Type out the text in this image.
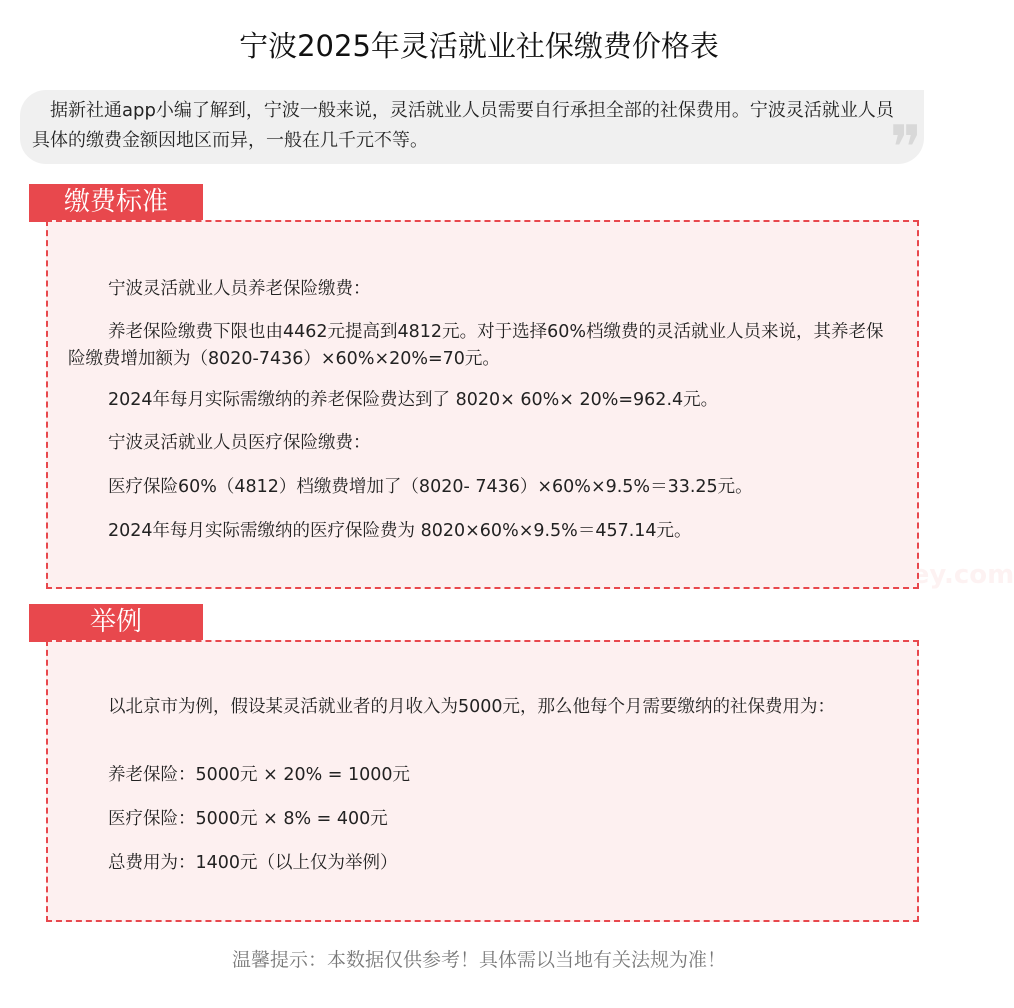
宁波2025年灵活就业社保缴费价格表
据新社通app小编了解到，宁波一般来说，灵活就业人员需要自行承担全部的社保费用。宁波灵活就业人员具体的缴费金额因地区而异，一般在几千元不等。	❞
缴费标准

宁波灵活就业人员养老保险缴费：

养老保险缴费下限也由4462元提高到4812元。对于选择60%档缴费的灵活就业人员来说，其养老保险缴费增加额为（8020-7436）×60%×20%=70元。

2024年每月实际需缴纳的养老保险费达到了 8020× 60%× 20%=962.4元。

宁波灵活就业人员医疗保险缴费：

医疗保险60%（4812）档缴费增加了（8020- 7436）×60%×9.5%＝33.25元。

2024年每月实际需缴纳的医疗保险费为 8020×60%×9.5%＝457.14元。

举例

以北京市为例，假设某灵活就业者的月收入为5000元，那么他每个月需要缴纳的社保费用为：

养老保险：5000元 × 20% = 1000元

医疗保险：5000元 × 8% = 400元

总费用为：1400元（以上仅为举例）

温馨提示：本数据仅供参考！具体需以当地有关法规为准！
